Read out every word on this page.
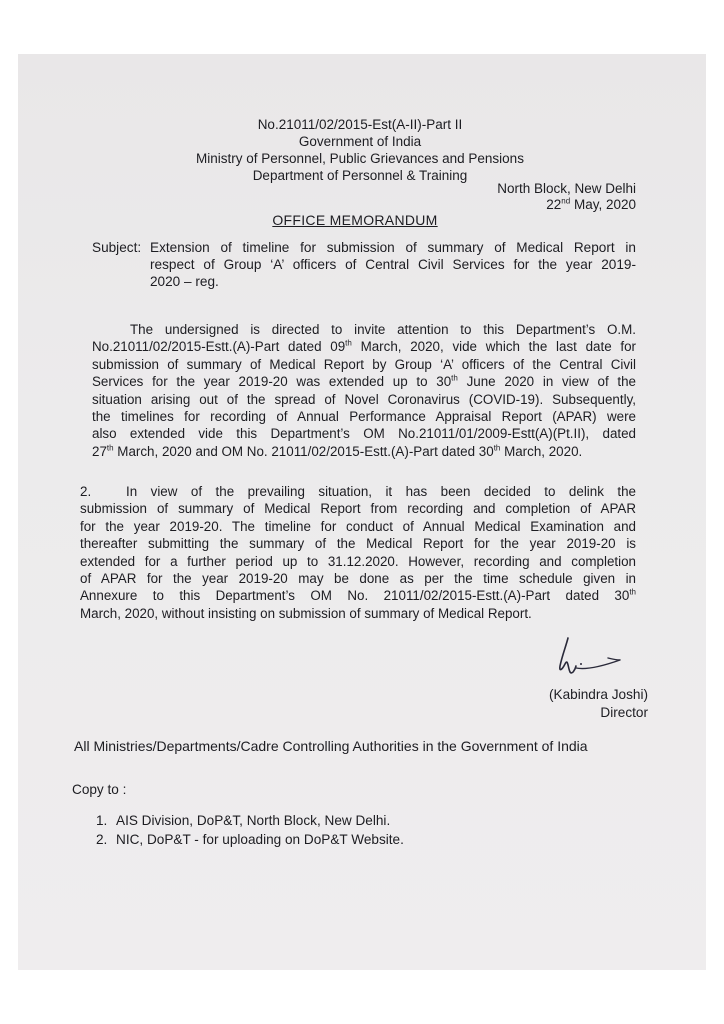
No.21011/02/2015-Est(A-II)-Part II
Government of India
Ministry of Personnel, Public Grievances and Pensions
Department of Personnel & Training
North Block, New Delhi
22nd May, 2020
OFFICE MEMORANDUM
Subject: Extension of timeline for submission of summary of Medical Report in
respect of Group ‘A’ officers of Central Civil Services for the year 2019-
2020 – reg.
The undersigned is directed to invite attention to this Department’s O.M.
No.21011/02/2015-Estt.(A)-Part dated 09th March, 2020, vide which the last date for
submission of summary of Medical Report by Group ‘A’ officers of the Central Civil
Services for the year 2019-20 was extended up to 30th June 2020 in view of the
situation arising out of the spread of Novel Coronavirus (COVID-19). Subsequently,
the timelines for recording of Annual Performance Appraisal Report (APAR) were
also extended vide this Department’s OM No.21011/01/2009-Estt(A)(Pt.II), dated
27th March, 2020 and OM No. 21011/02/2015-Estt.(A)-Part dated 30th March, 2020.
2.	In view of the prevailing situation, it has been decided to delink the
submission of summary of Medical Report from recording and completion of APAR
for the year 2019-20. The timeline for conduct of Annual Medical Examination and
thereafter submitting the summary of the Medical Report for the year 2019-20 is
extended for a further period up to 31.12.2020. However, recording and completion
of APAR for the year 2019-20 may be done as per the time schedule given in
Annexure to this Department’s OM No. 21011/02/2015-Estt.(A)-Part dated 30th
March, 2020, without insisting on submission of summary of Medical Report.
(Kabindra Joshi)
Director
All Ministries/Departments/Cadre Controlling Authorities in the Government of India
Copy to :
1. AIS Division, DoP&T, North Block, New Delhi.
2. NIC, DoP&T - for uploading on DoP&T Website.
